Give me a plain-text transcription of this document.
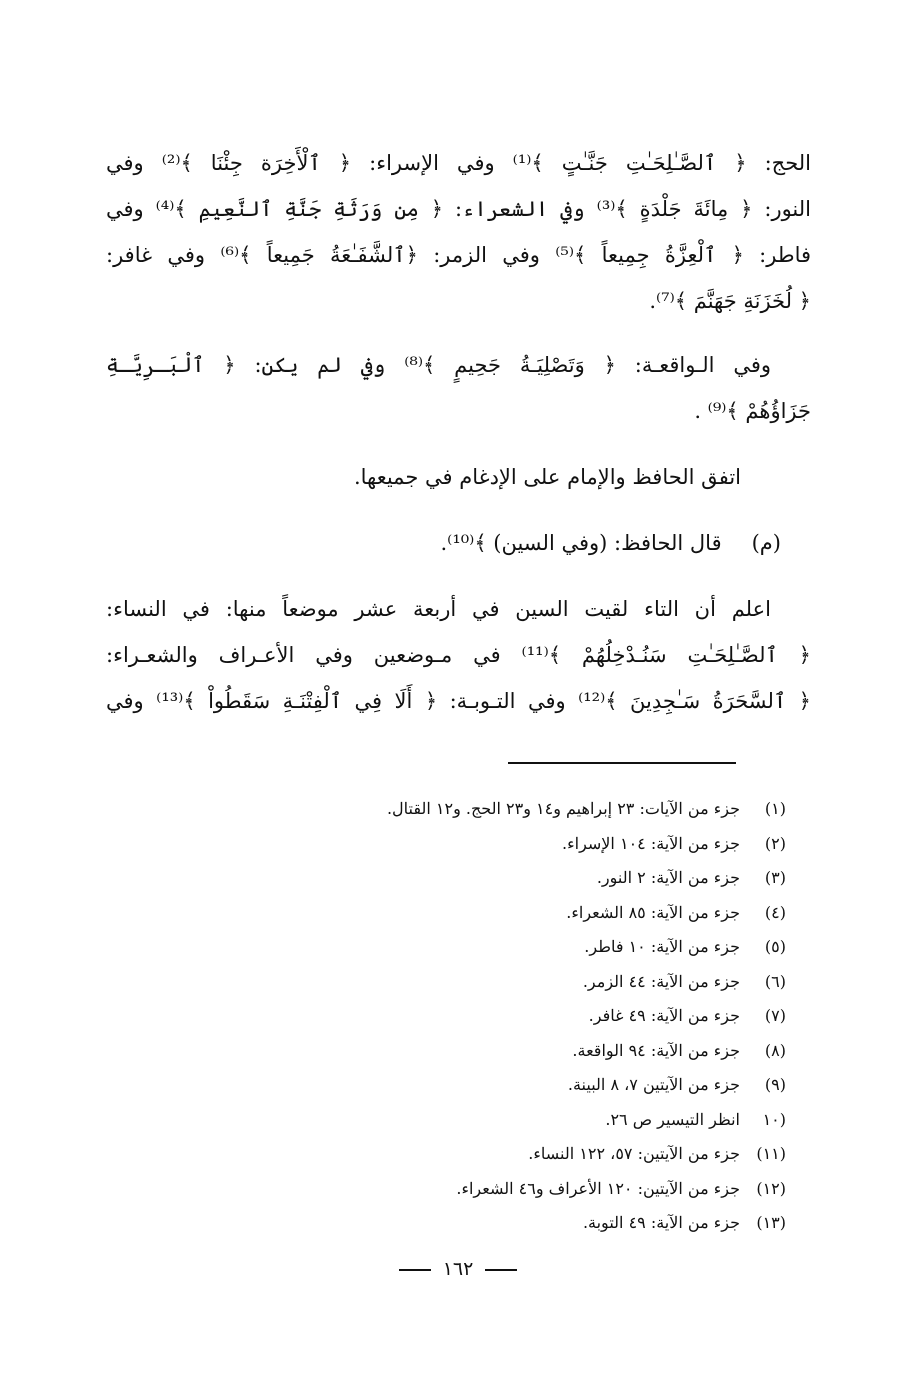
الحج: ﴿ ٱلصَّـٰلِحَـٰتِ جَنَّـٰتٍ ﴾⁽¹⁾ وفي الإسراء: ﴿ ٱلْأَخِرَة جِئْنَا ﴾⁽²⁾ وفي
النور: ﴿ مِائَةَ جَلْدَةٍ ﴾⁽³⁾ وفي الشعراء: ﴿ مِن وَرَثَةِ جَنَّةِ ٱلنَّعِيمِ ﴾⁽⁴⁾ وفي
فاطر: ﴿ ٱلْعِزَّةُ جِمِيعاً ﴾⁽⁵⁾ وفي الزمر: ﴿ٱلشَّفَـٰعَةُ جَمِيعاً ﴾⁽⁶⁾ وفي غافر:
﴿ لُخَزَنَةِ جَهَنَّمَ ﴾⁽⁷⁾.
وفي الـواقعـة: ﴿ وَتَصْلِيَـةُ جَحِيمٍ ﴾⁽⁸⁾ وفي لم يكن: ﴿ ٱلْبَـرِيَّـةِ
جَزَاؤُهُمْ ﴾⁽⁹⁾ .
اتفق الحافظ والإمام على الإدغام في جميعها.
(م)قال الحافظ: (وفي السين) ﴾⁽¹⁰⁾.
اعلم أن التاء لقيت السين في أربعة عشر موضعاً منها: في النساء:
﴿ ٱلصَّـٰلِحَـٰتِ سَنُـدْخِلُهُمْ ﴾⁽¹¹⁾ في مـوضعين وفي الأعـراف والشعـراء:
﴿ ٱلسَّحَرَةُ سَـٰجِدِينَ ﴾⁽¹²⁾ وفي التـوبـة: ﴿ أَلَا فِي ٱلْفِتْنَـةِ سَقَطُواْ ﴾⁽¹³⁾ وفي
(١)
جزء من الآيات: ٢٣ إبراهيم و١٤ و٢٣ الحج. و١٢ القتال.
(٢)
جزء من الآية: ١٠٤ الإسراء.
(٣)
جزء من الآية: ٢ النور.
(٤)
جزء من الآية: ٨٥ الشعراء.
(٥)
جزء من الآية: ١٠ فاطر.
(٦)
جزء من الآية: ٤٤ الزمر.
(٧)
جزء من الآية: ٤٩ غافر.
(٨)
جزء من الآية: ٩٤ الواقعة.
(٩)
جزء من الآيتين ٧، ٨ البينة.
(١٠
انظر التيسير ص ٢٦.
(١١)
جزء من الآيتين: ٥٧، ١٢٢ النساء.
(١٢)
جزء من الآيتين: ١٢٠ الأعراف و٤٦ الشعراء.
(١٣)
جزء من الآية: ٤٩ التوبة.
١٦٢
